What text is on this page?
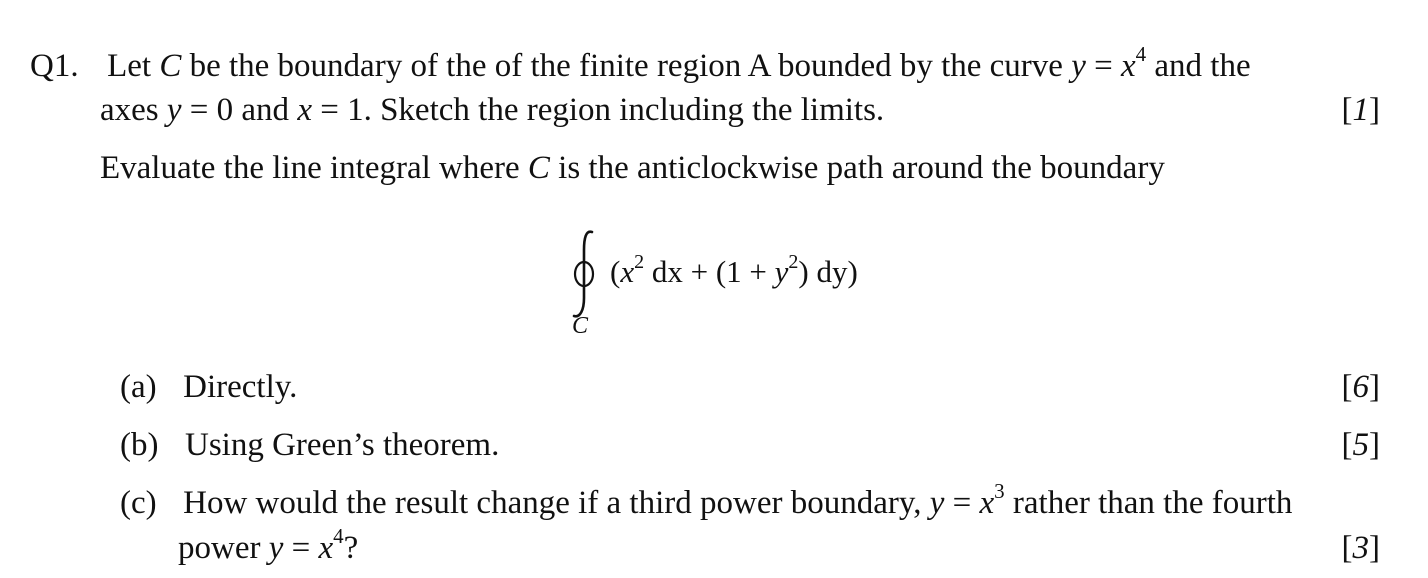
Q1. Let C be the boundary of the of the finite region A bounded by the curve $y = x^4$ and the
axes y = 0 and x = 1. Sketch the region including the limits.	[1]
Evaluate the line integral where C is the anticlockwise path around the boundary
($x^2$ dx + $(1 + y^2)$ dy)
C
(a) Directly.	[6]
(b) Using Green’s theorem.	[5]
(c) How would the result change if a third power boundary, $y = x^3$ rather than the fourth
power $y = x^4$?	[3]
